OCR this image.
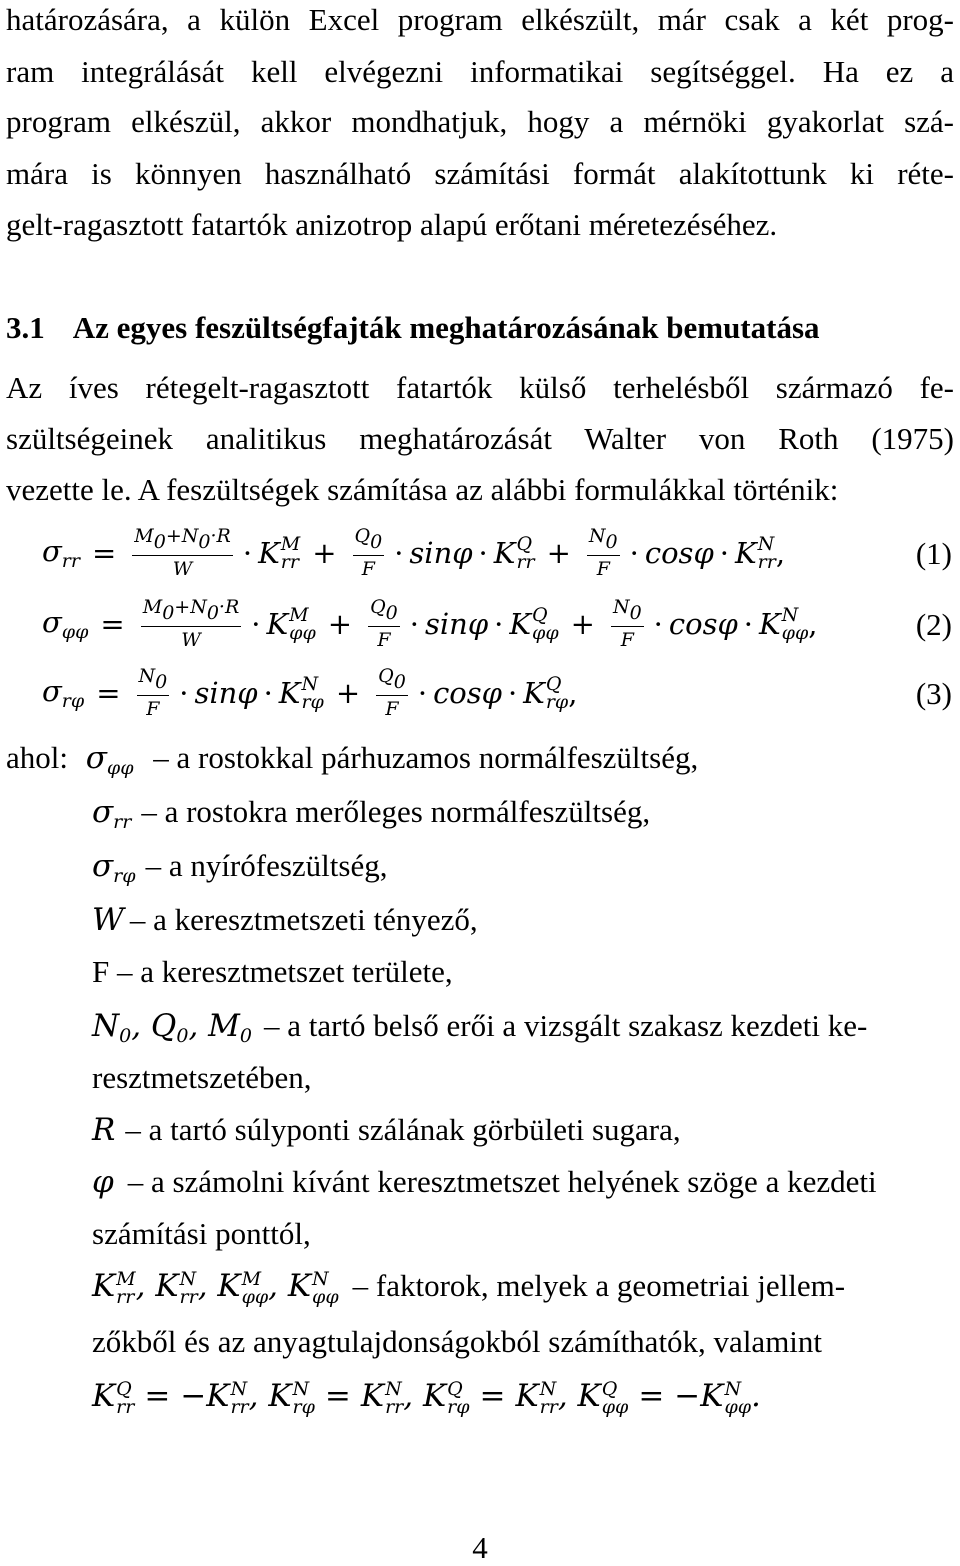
határozására, a külön Excel program elkészült, már csak a két prog-
ram integrálását kell elvégezni informatikai segítséggel. Ha ez a
program elkészül, akkor mondhatjuk, hogy a mérnöki gyakorlat szá-
mára is könnyen használható számítási formát alakítottunk ki réte-
gelt-ragasztott fatartók anizotrop alapú erőtani méretezéséhez.
3.1 Az egyes feszültségfajták meghatározásának bemutatása
Az íves rétegelt-ragasztott fatartók külső terhelésből származó fe-
szültségeinek analitikus meghatározását Walter von Roth (1975)
vezette le. A feszültségek számítása az alábbi formulákkal történik:
$\sigma_{rr} = \frac{M_0+N_0\cdot R}{W} \cdot K$ M
rr + $\frac{Q_0}{F} \cdot \sin\varphi \cdot K$ Q
rr + $\frac{N_0}{F} \cdot \cos\varphi \cdot K$ N
rr ,	(1)
$\sigma_{\varphi\varphi} = \frac{M_0+N_0\cdot R}{W} \cdot K$ M
$\varphi\varphi + \frac{Q_0}{F} \cdot \sin\varphi \cdot K$ Q
$\varphi\varphi + \frac{N_0}{F} \cdot \cos\varphi \cdot K$ N
φφ ,	(2)
$\sigma_{r\varphi} = \frac{N_0}{F} \cdot \sin\varphi \cdot K$ N
$r\varphi + \frac{Q_0}{F} \cdot \cos\varphi \cdot K$ Q
rφ ,	(3)
ahol: $\sigma_{\varphi\varphi}$ – a rostokkal párhuzamos normálfeszültség,
$\sigma_{rr}$ – a rostokra merőleges normálfeszültség,
$\sigma_{r\varphi}$ – a nyírófeszültség,
W – a keresztmetszeti tényező,
F – a keresztmetszet területe,
$N_0$, $Q_0$, $M_0$ – a tartó belső erői a vizsgált szakasz kezdeti ke-
resztmetszetében,
R – a tartó súlyponti szálának görbületi sugara,
φ – a számolni kívánt keresztmetszet helyének szöge a kezdeti
számítási ponttól,
K M
rr , K N
rr , K M
φφ , K N
φφ – faktorok, melyek a geometriai jellem-
zőkből és az anyagtulajdonságokból számíthatók, valamint
K Q
rr = −K N
rr , K N
rφ = K N
rr , K Q
rφ = K N
rr , K Q
φφ = −K N
φφ .
4
